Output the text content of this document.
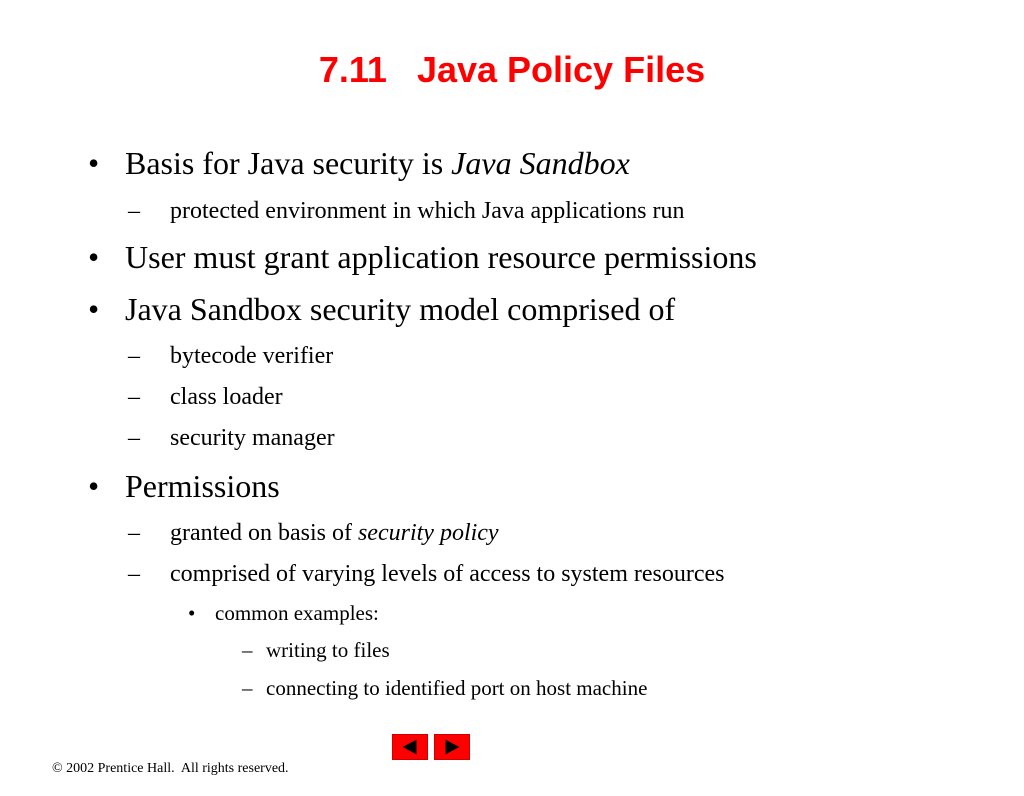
7.11   Java Policy Files
• Basis for Java security is Java Sandbox
– protected environment in which Java applications run
• User must grant application resource permissions
• Java Sandbox security model comprised of
– bytecode verifier
– class loader
– security manager
• Permissions
– granted on basis of security policy
– comprised of varying levels of access to system resources
• common examples:
– writing to files
– connecting to identified port on host machine

© 2002 Prentice Hall.  All rights reserved.
